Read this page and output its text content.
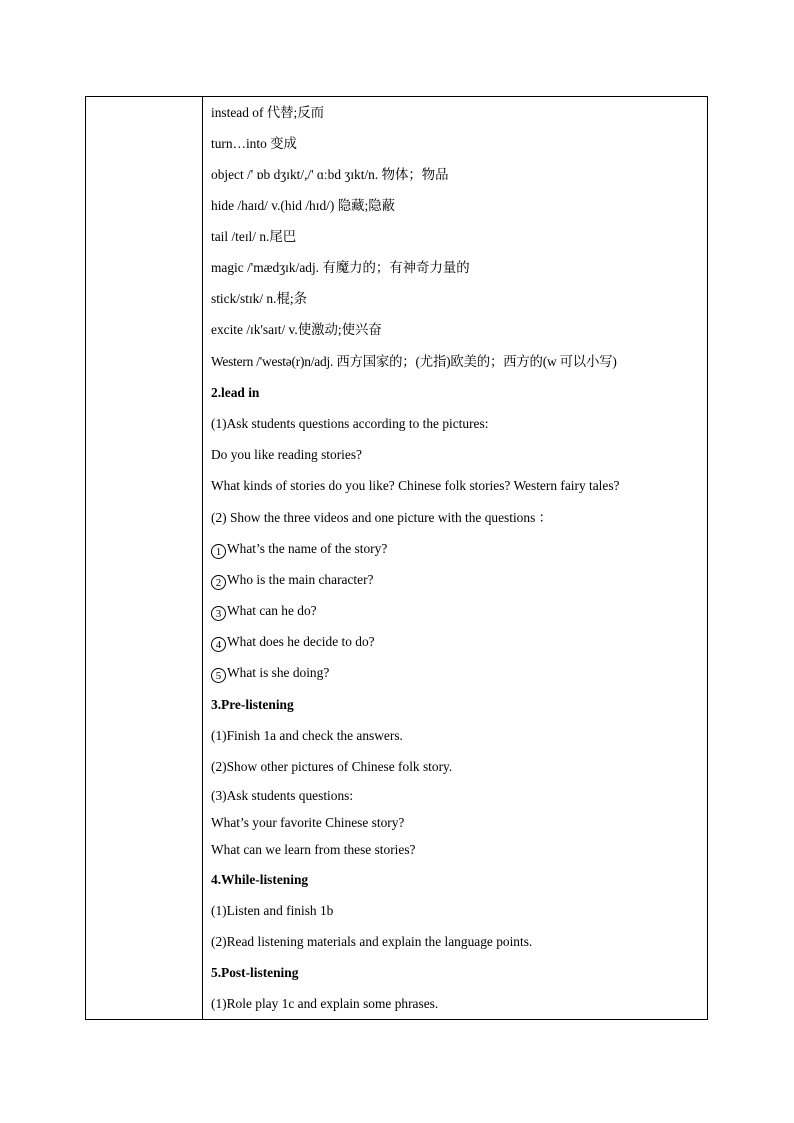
instead of 代替;反而
turn…into 变成
object /' ɒb dʒɪkt/,/' ɑːbd ʒɪkt/n. 物体；物品
hide /haɪd/ v.(hid /hɪd/) 隐藏;隐蔽
tail /teɪl/ n.尾巴
magic /'mædʒɪk/adj. 有魔力的；有神奇力量的
stick/stɪk/ n.棍;条
excite /ɪk'saɪt/ v.使激动;使兴奋
Western /'westə(r)n/adj. 西方国家的；(尤指)欧美的；西方的(w 可以小写)
2.lead in
(1)Ask students questions according to the pictures:
Do you like reading stories?
What kinds of stories do you like? Chinese folk stories? Western fairy tales?
(2) Show the three videos and one picture with the questions ：
1 What’s the name of the story?
2 Who is the main character?
3 What can he do?
4 What does he decide to do?
5 What is she doing?
3.Pre-listening
(1)Finish 1a and check the answers.
(2)Show other pictures of Chinese folk story.
(3)Ask students questions:
What’s your favorite Chinese story?
What can we learn from these stories?
4.While-listening
(1)Listen and finish 1b
(2)Read listening materials and explain the language points.
5.Post-listening
(1)Role play 1c and explain some phrases.
